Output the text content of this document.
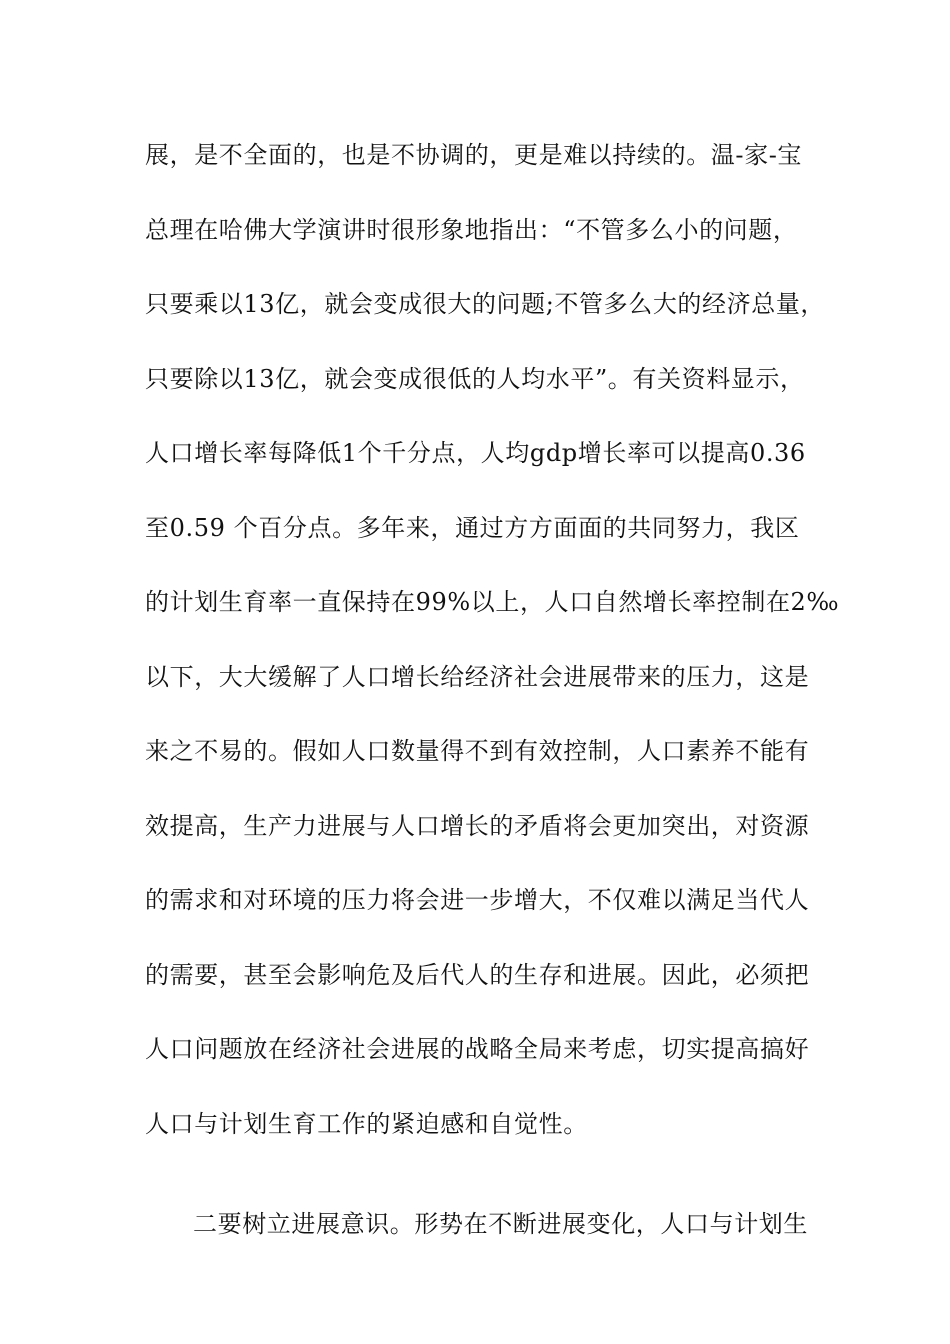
展，是不全面的，也是不协调的，更是难以持续的。温-家-宝
总理在哈佛大学演讲时很形象地指出：“不管多么小的问题，
只要乘以13亿，就会变成很大的问题;不管多么大的经济总量，
只要除以13亿，就会变成很低的人均水平”。有关资料显示，
人口增长率每降低1个千分点，人均gdp增长率可以提高0.36
至0.59 个百分点。多年来，通过方方面面的共同努力，我区
的计划生育率一直保持在99%以上，人口自然增长率控制在2‰
以下，大大缓解了人口增长给经济社会进展带来的压力，这是
来之不易的。假如人口数量得不到有效控制，人口素养不能有
效提高，生产力进展与人口增长的矛盾将会更加突出，对资源
的需求和对环境的压力将会进一步增大，不仅难以满足当代人
的需要，甚至会影响危及后代人的生存和进展。因此，必须把
人口问题放在经济社会进展的战略全局来考虑，切实提高搞好
人口与计划生育工作的紧迫感和自觉性。
二要树立进展意识。形势在不断进展变化，人口与计划生
